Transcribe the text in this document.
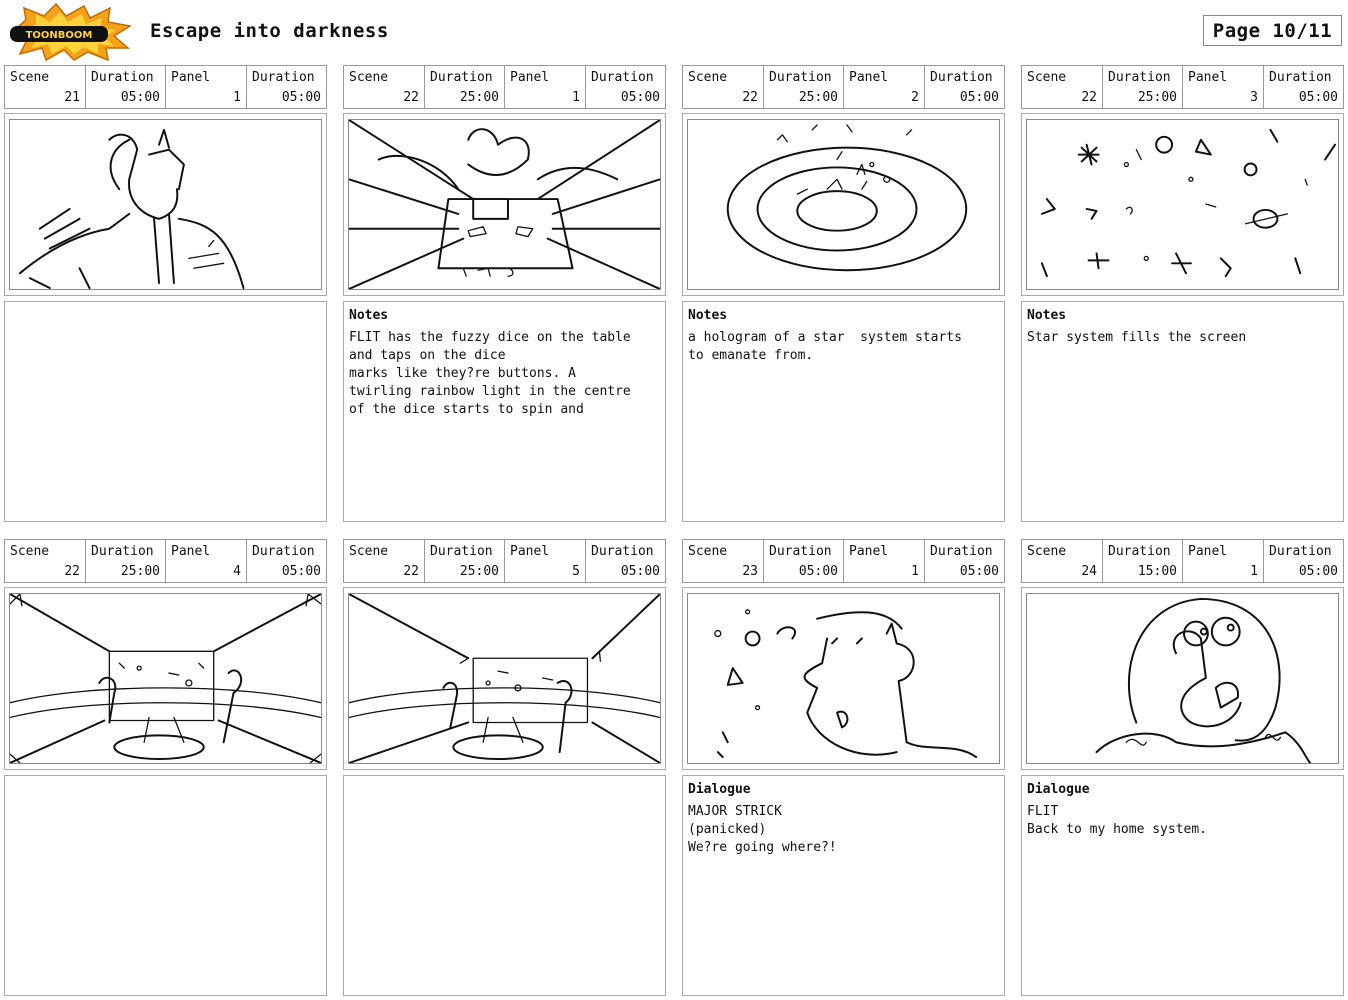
TOONBOOM	Escape into darkness	Page 10/11
Scene
21
Duration
05:00
Panel
1
Duration
05:00
Scene
22
Duration
25:00
Panel
1
Duration
05:00
Notes
FLIT has the fuzzy dice on the table
and taps on the dice
marks like they?re buttons. A
twirling rainbow light in the centre
of the dice starts to spin and
Scene
22
Duration
25:00
Panel
2
Duration
05:00
Notes
a hologram of a star  system starts
to emanate from.
Scene
22
Duration
25:00
Panel
3
Duration
05:00
Notes
Star system fills the screen
Scene
22
Duration
25:00
Panel
4
Duration
05:00
Scene
22
Duration
25:00
Panel
5
Duration
05:00
Scene
23
Duration
05:00
Panel
1
Duration
05:00
Dialogue
MAJOR STRICK
(panicked)
We?re going where?!
Scene
24
Duration
15:00
Panel
1
Duration
05:00
Dialogue
FLIT
Back to my home system.
